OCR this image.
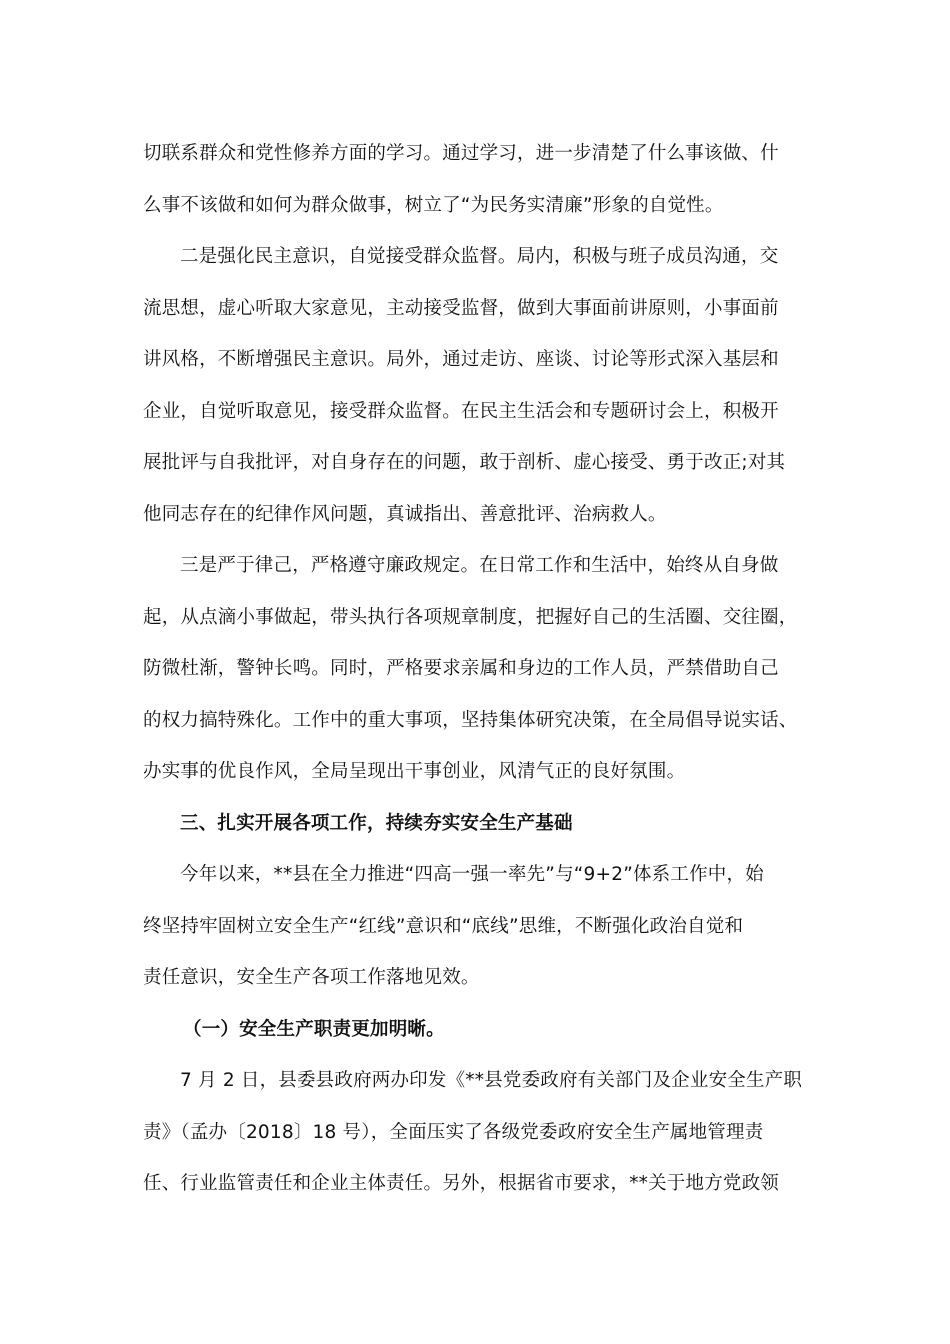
切联系群众和党性修养方面的学习。通过学习，进一步清楚了什么事该做、什
么事不该做和如何为群众做事，树立了“为民务实清廉”形象的自觉性。
二是强化民主意识，自觉接受群众监督。局内，积极与班子成员沟通，交
流思想，虚心听取大家意见，主动接受监督，做到大事面前讲原则，小事面前
讲风格，不断增强民主意识。局外，通过走访、座谈、讨论等形式深入基层和
企业，自觉听取意见，接受群众监督。在民主生活会和专题研讨会上，积极开
展批评与自我批评，对自身存在的问题，敢于剖析、虚心接受、勇于改正;对其
他同志存在的纪律作风问题，真诚指出、善意批评、治病救人。
三是严于律己，严格遵守廉政规定。在日常工作和生活中，始终从自身做
起，从点滴小事做起，带头执行各项规章制度，把握好自己的生活圈、交往圈，
防微杜渐，警钟长鸣。同时，严格要求亲属和身边的工作人员，严禁借助自己
的权力搞特殊化。工作中的重大事项，坚持集体研究决策，在全局倡导说实话、
办实事的优良作风，全局呈现出干事创业，风清气正的良好氛围。
三、扎实开展各项工作，持续夯实安全生产基础
今年以来，**县在全力推进“四高一强一率先”与“9+2”体系工作中，始
终坚持牢固树立安全生产“红线”意识和“底线”思维，不断强化政治自觉和
责任意识，安全生产各项工作落地见效。
（一）安全生产职责更加明晰。
7 月 2 日，县委县政府两办印发《**县党委政府有关部门及企业安全生产职
责》（孟办〔2018〕18 号），全面压实了各级党委政府安全生产属地管理责
任、行业监管责任和企业主体责任。另外，根据省市要求，**关于地方党政领
